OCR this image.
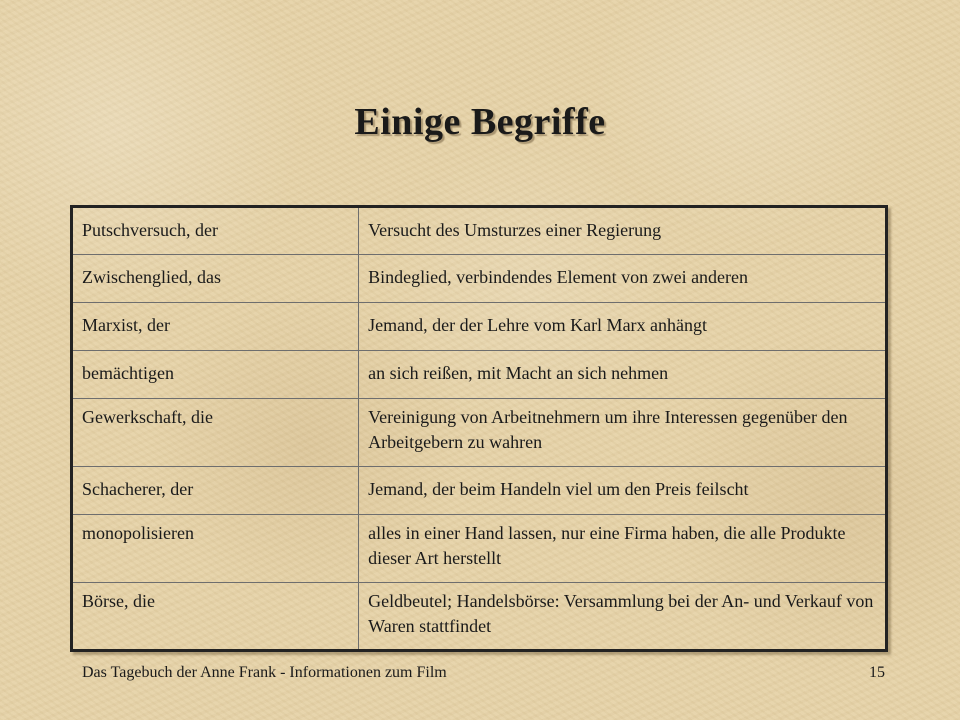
Einige Begriffe
Putschversuch, der	Versucht des Umsturzes einer Regierung
Zwischenglied, das	Bindeglied, verbindendes Element von zwei anderen
Marxist, der	Jemand, der der Lehre vom Karl Marx anhängt
bemächtigen	an sich reißen, mit Macht an sich nehmen
Gewerkschaft, die	Vereinigung von Arbeitnehmern um ihre Interessen gegenüber den Arbeitgebern zu wahren
Schacherer, der	Jemand, der beim Handeln viel um den Preis feilscht
monopolisieren	alles in einer Hand lassen, nur eine Firma haben, die alle Produkte dieser Art herstellt
Börse, die	Geldbeutel; Handelsbörse: Versammlung bei der An- und Verkauf von Waren stattfindet
Das Tagebuch der Anne Frank - Informationen zum Film	15
